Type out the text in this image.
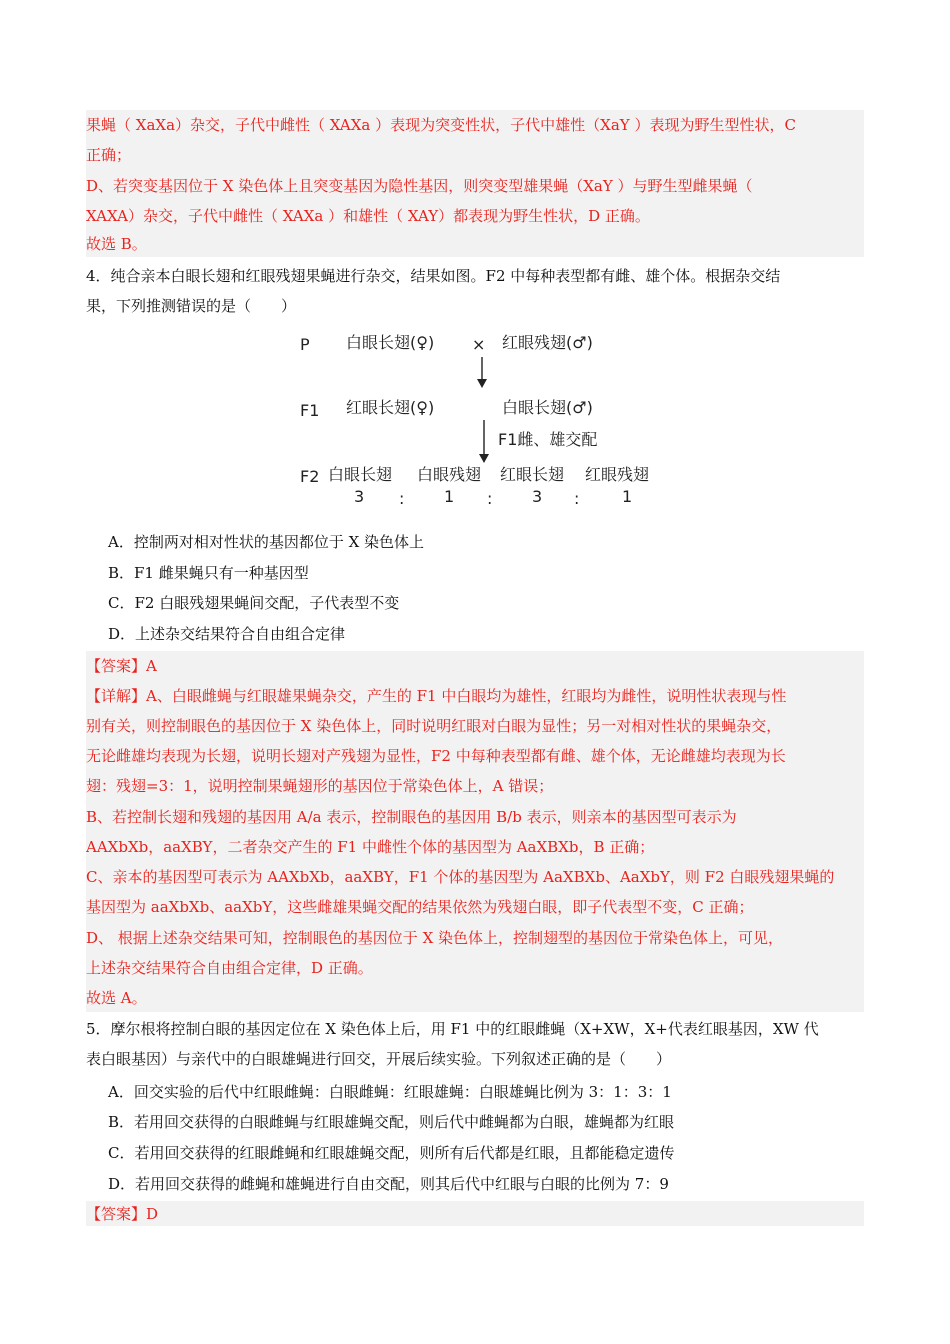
果蝇（ XaXa）杂交，子代中雌性（ XAXa ）表现为突变性状，子代中雄性（XaY ）表现为野生型性状，C
正确；
D、若突变基因位于 X 染色体上且突变基因为隐性基因，则突变型雄果蝇（XaY ）与野生型雌果蝇（
XAXA）杂交，子代中雌性（ XAXa ）和雄性（ XAY）都表现为野生性状，D 正确。
故选 B。
4．纯合亲本白眼长翅和红眼残翅果蝇进行杂交，结果如图。F2 中每种表型都有雌、雄个体。根据杂交结
果，下列推测错误的是（　　）
P 白眼长翅(♀) × 红眼残翅(♂)
F1 红眼长翅(♀)	白眼长翅(♂)
F1雌、雄交配
F2 白眼长翅 白眼残翅 红眼长翅 红眼残翅
3 : 1 : 3 :	1
A．控制两对相对性状的基因都位于 X 染色体上
B．F1 雌果蝇只有一种基因型
C．F2 白眼残翅果蝇间交配，子代表型不变
D．上述杂交结果符合自由组合定律
【答案】A
【详解】A、白眼雌蝇与红眼雄果蝇杂交，产生的 F1 中白眼均为雄性，红眼均为雌性，说明性状表现与性
别有关，则控制眼色的基因位于 X 染色体上，同时说明红眼对白眼为显性；另一对相对性状的果蝇杂交，
无论雌雄均表现为长翅，说明长翅对产残翅为显性，F2 中每种表型都有雌、雄个体，无论雌雄均表现为长
翅：残翅=3：1，说明控制果蝇翅形的基因位于常染色体上，A 错误；
B、若控制长翅和残翅的基因用 A/a 表示，控制眼色的基因用 B/b 表示，则亲本的基因型可表示为
AAXbXb，aaXBY，二者杂交产生的 F1 中雌性个体的基因型为 AaXBXb，B 正确；
C、亲本的基因型可表示为 AAXbXb，aaXBY，F1 个体的基因型为 AaXBXb、AaXbY，则 F2 白眼残翅果蝇的
基因型为 aaXbXb、aaXbY，这些雌雄果蝇交配的结果依然为残翅白眼，即子代表型不变，C 正确；
D、 根据上述杂交结果可知，控制眼色的基因位于 X 染色体上，控制翅型的基因位于常染色体上，可见，
上述杂交结果符合自由组合定律，D 正确。
故选 A。
5．摩尔根将控制白眼的基因定位在 X 染色体上后，用 F1 中的红眼雌蝇（X+XW，X+代表红眼基因，XW 代
表白眼基因）与亲代中的白眼雄蝇进行回交，开展后续实验。下列叙述正确的是（　　）
A．回交实验的后代中红眼雌蝇：白眼雌蝇：红眼雄蝇：白眼雄蝇比例为 3：1：3：1
B．若用回交获得的白眼雌蝇与红眼雄蝇交配，则后代中雌蝇都为白眼，雄蝇都为红眼
C．若用回交获得的红眼雌蝇和红眼雄蝇交配，则所有后代都是红眼，且都能稳定遗传
D．若用回交获得的雌蝇和雄蝇进行自由交配，则其后代中红眼与白眼的比例为 7：9
【答案】D
